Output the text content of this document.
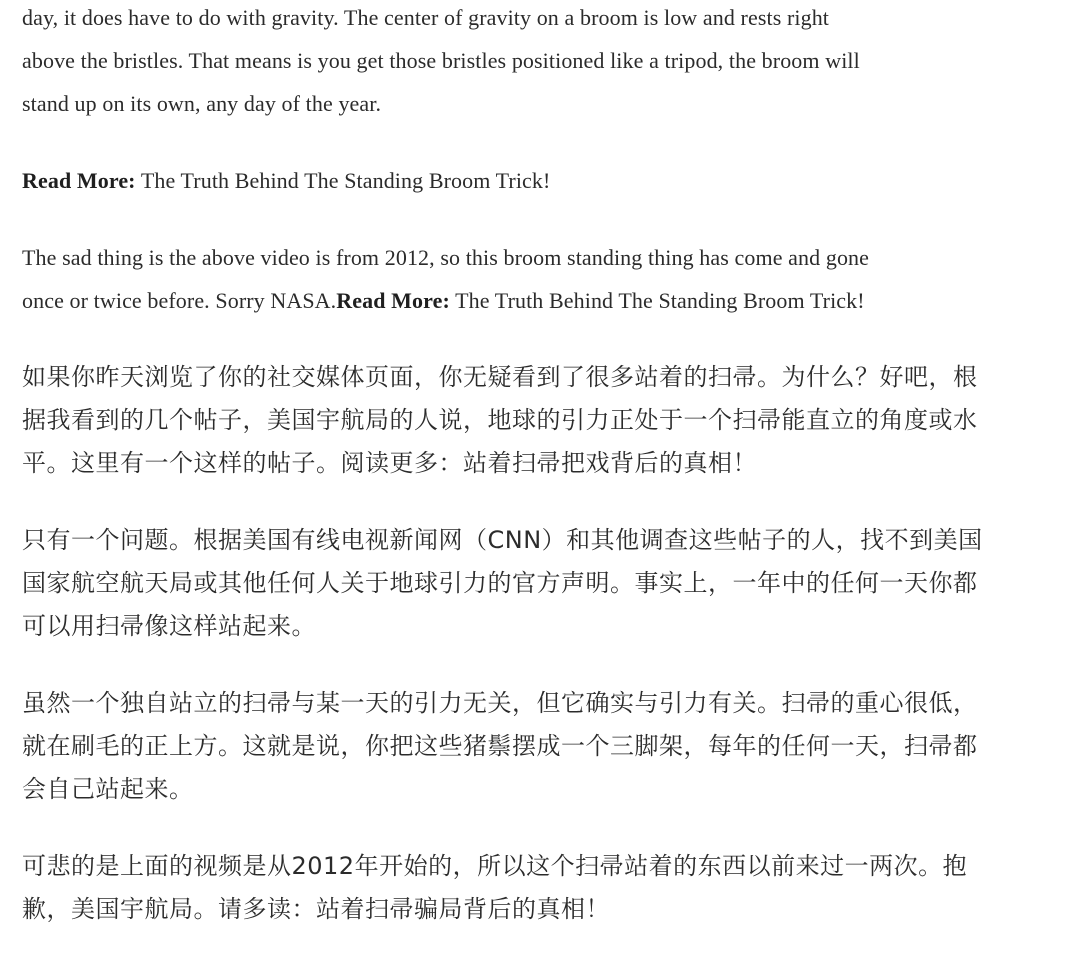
day, it does have to do with gravity. The center of gravity on a broom is low and rests right
above the bristles. That means is you get those bristles positioned like a tripod, the broom will
stand up on its own, any day of the year.

Read More: The Truth Behind The Standing Broom Trick!

The sad thing is the above video is from 2012, so this broom standing thing has come and gone
once or twice before. Sorry NASA.Read More: The Truth Behind The Standing Broom Trick!

如果你昨天浏览了你的社交媒体页面，你无疑看到了很多站着的扫帚。为什么？好吧，根
据我看到的几个帖子，美国宇航局的人说，地球的引力正处于一个扫帚能直立的角度或水
平。这里有一个这样的帖子。阅读更多：站着扫帚把戏背后的真相！

只有一个问题。根据美国有线电视新闻网（CNN）和其他调查这些帖子的人，找不到美国
国家航空航天局或其他任何人关于地球引力的官方声明。事实上，一年中的任何一天你都
可以用扫帚像这样站起来。

虽然一个独自站立的扫帚与某一天的引力无关，但它确实与引力有关。扫帚的重心很低，
就在刷毛的正上方。这就是说，你把这些猪鬃摆成一个三脚架，每年的任何一天，扫帚都
会自己站起来。

可悲的是上面的视频是从2012年开始的，所以这个扫帚站着的东西以前来过一两次。抱
歉，美国宇航局。请多读：站着扫帚骗局背后的真相！
